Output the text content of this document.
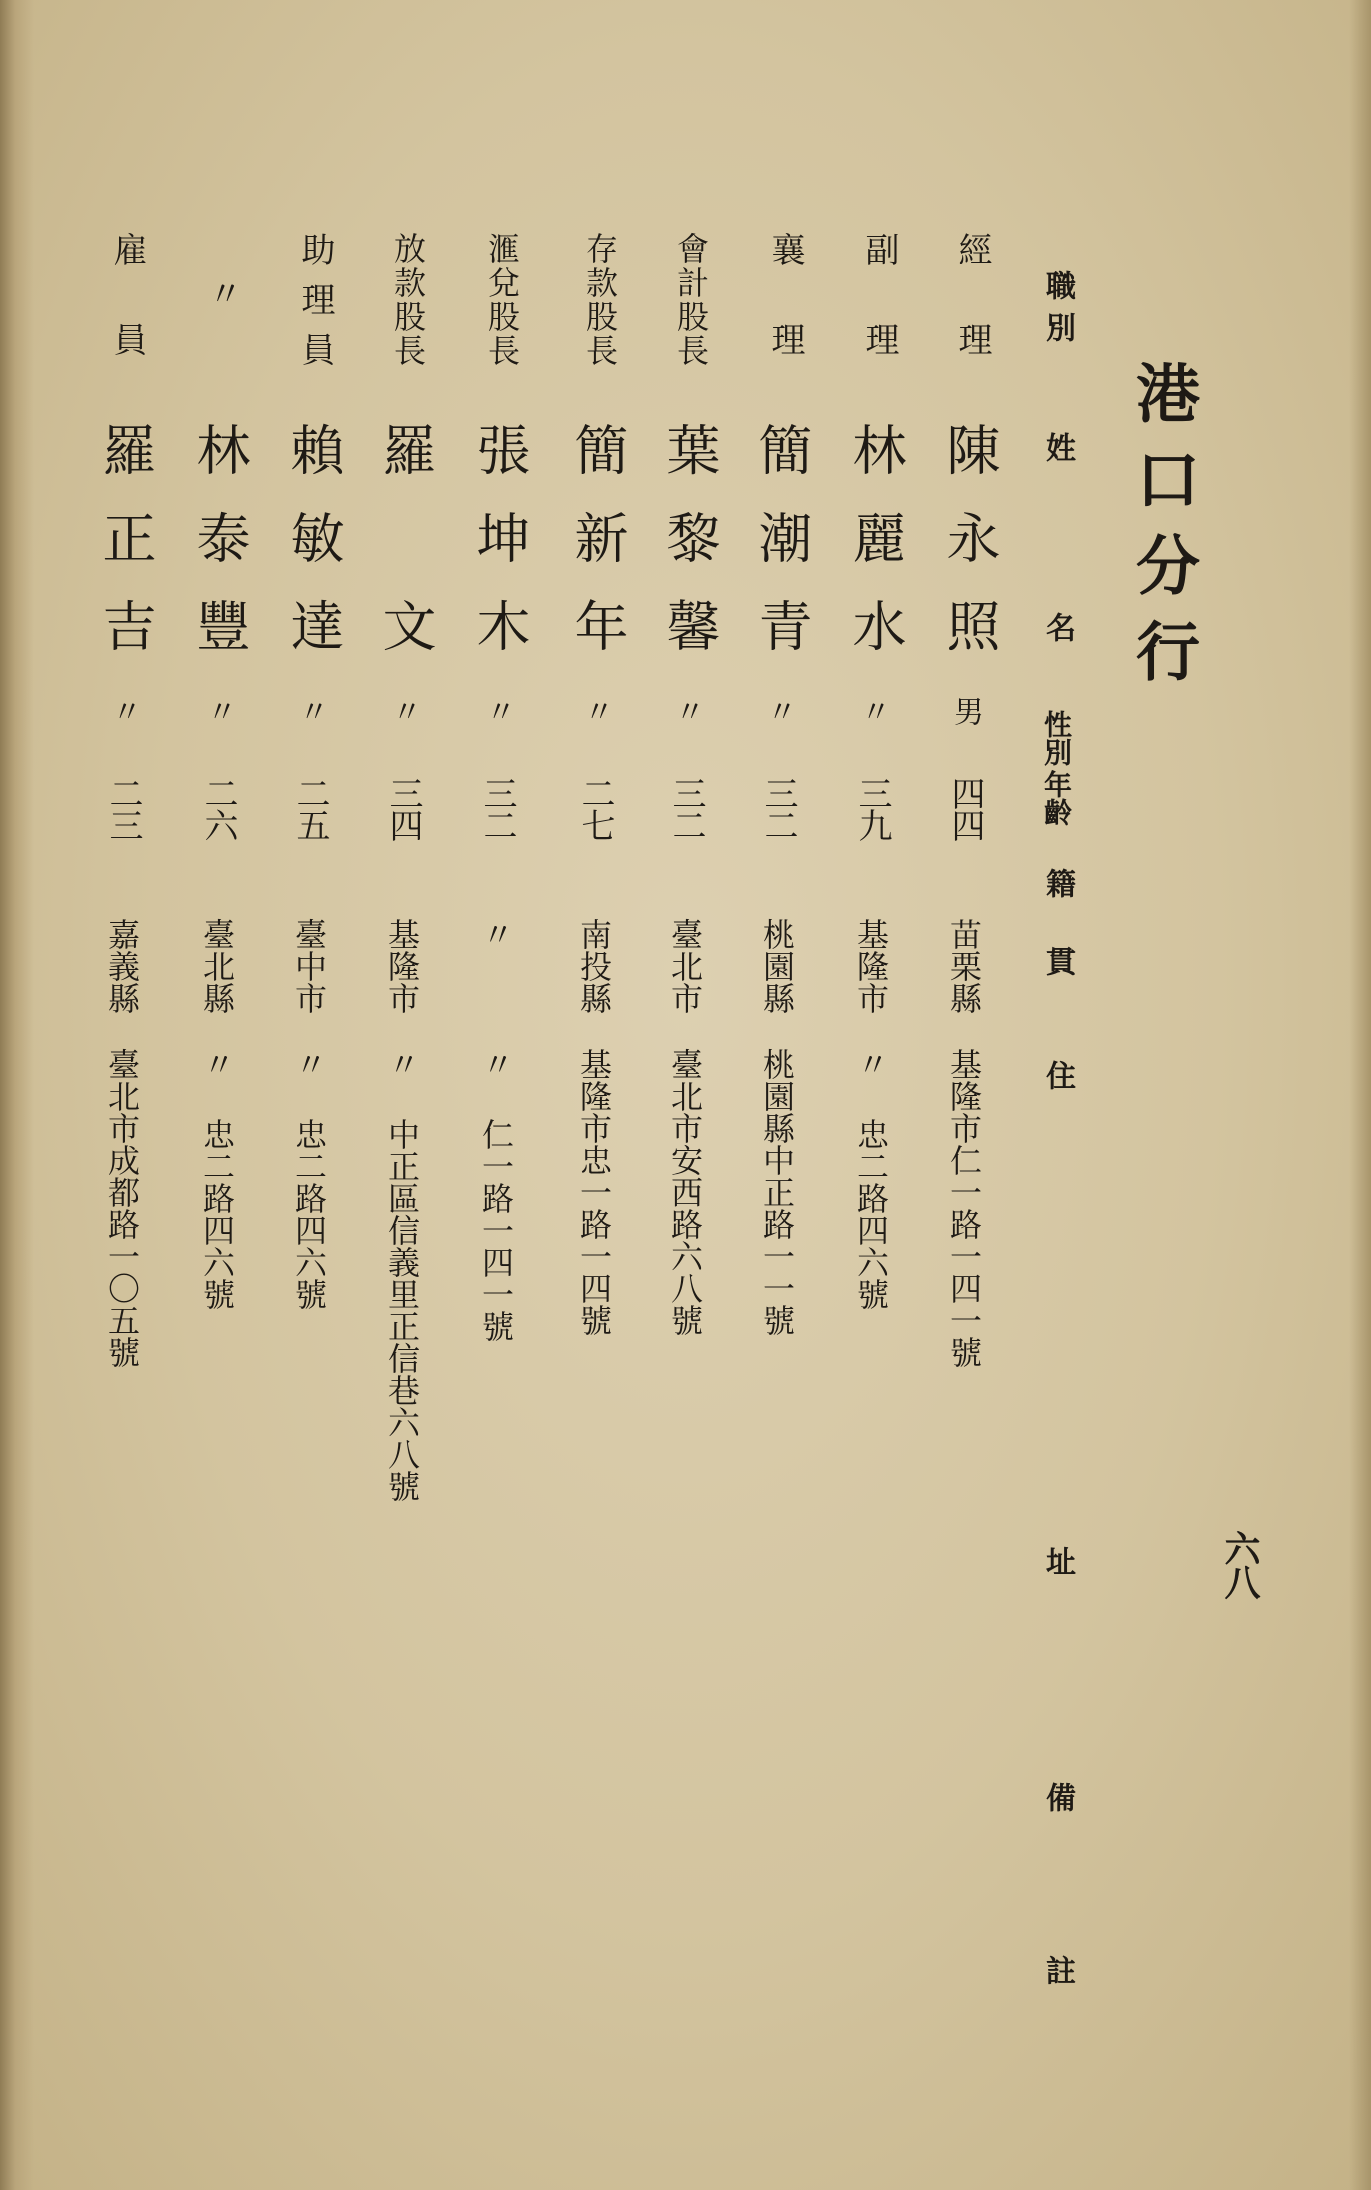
港口分行
六八
職別
姓
名
性別
年齡
籍
貫
住
址
備
註
經理
陳永照
男
四四
苗栗縣
基隆市仁一路一四一號
副理
林麗水
〃
三九
基隆市
〃 忠二路四六號
襄理
簡潮青
〃
三二
桃園縣
桃園縣中正路一一號
會計股長
葉黎馨
〃
三二
臺北市
臺北市安西路六八號
存款股長
簡新年
〃
二七
南投縣
基隆市忠一路一四號
滙兌股長
張坤木
〃
三二
〃
〃 仁一路一四一號
放款股長
羅　文
〃
三四
基隆市
〃 中正區信義里正信巷六八號
助理員
賴敏達
〃
二五
臺中市
〃 忠二路四六號
〃
林泰豐
〃
二六
臺北縣
〃 忠二路四六號
雇員
羅正吉
〃
二三
嘉義縣
臺北市成都路一〇五號
